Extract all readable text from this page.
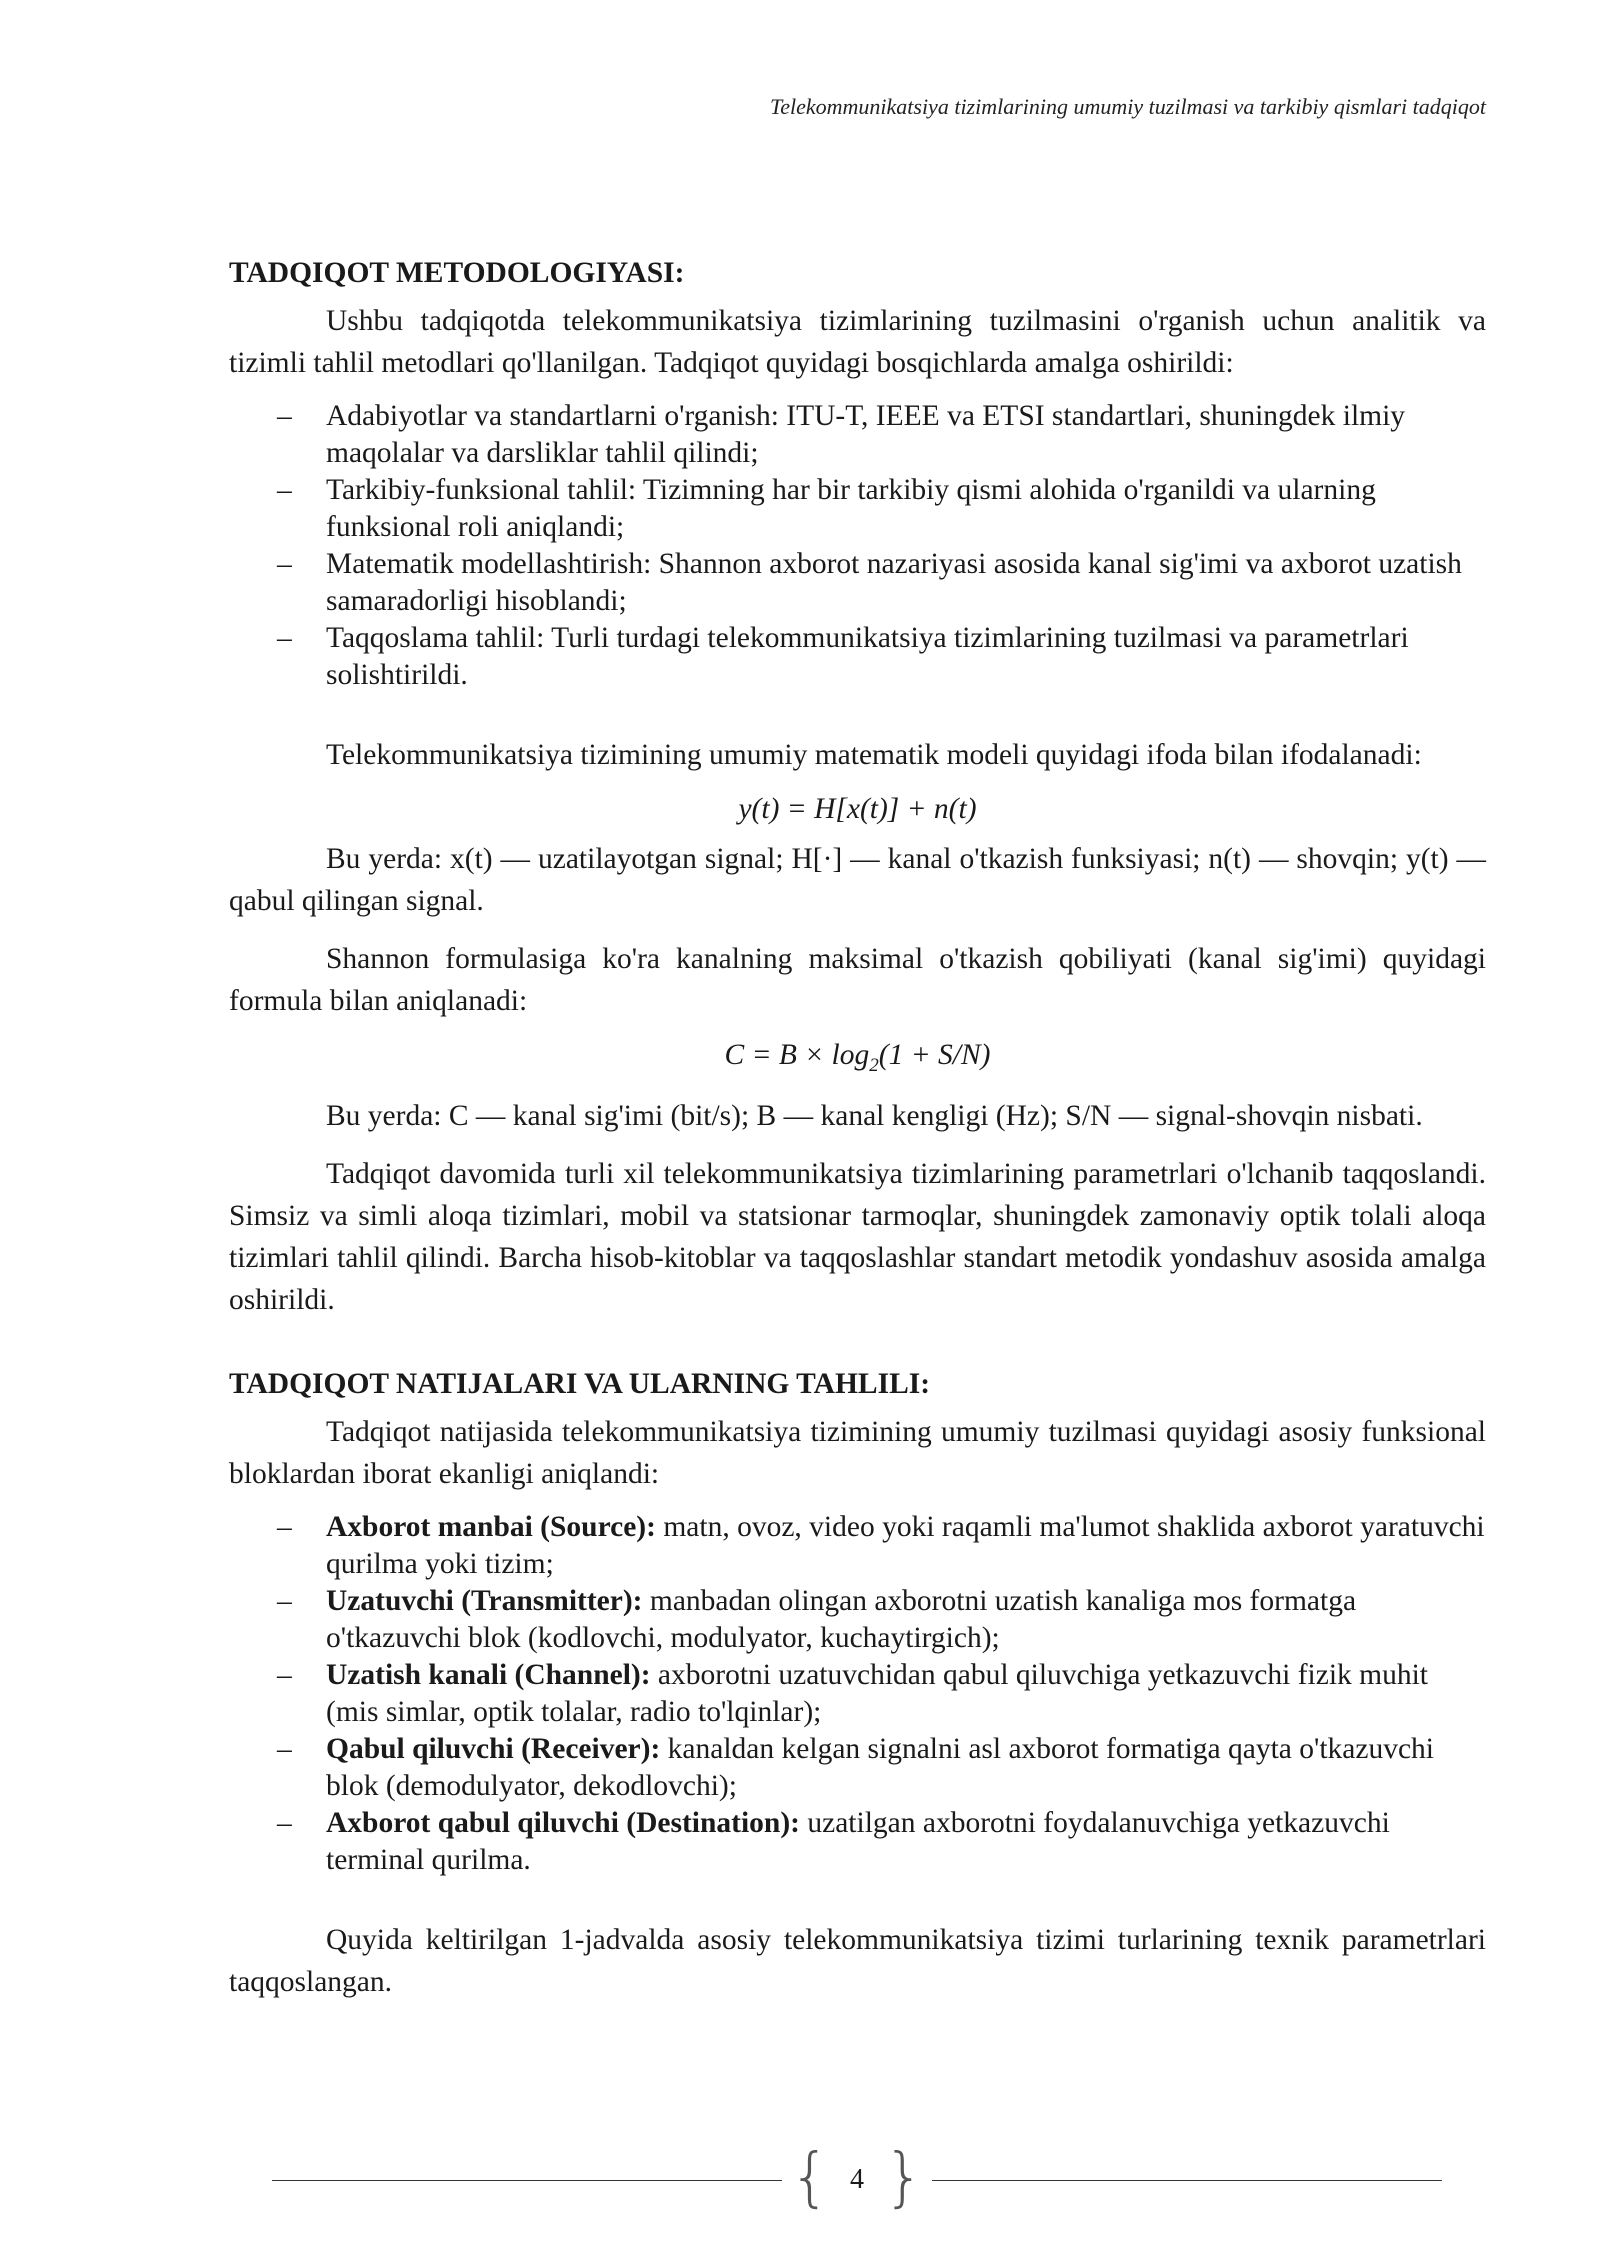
Telekommunikatsiya tizimlarining umumiy tuzilmasi va tarkibiy qismlari tadqiqot
TADQIQOT METODOLOGIYASI:

Ushbu tadqiqotda telekommunikatsiya tizimlarining tuzilmasini o'rganish uchun analitik va tizimli tahlil metodlari qo'llanilgan. Tadqiqot quyidagi bosqichlarda amalga oshirildi:

– Adabiyotlar va standartlarni o'rganish: ITU-T, IEEE va ETSI standartlari, shuningdek ilmiy maqolalar va darsliklar tahlil qilindi;
– Tarkibiy-funksional tahlil: Tizimning har bir tarkibiy qismi alohida o'rganildi va ularning funksional roli aniqlandi;
– Matematik modellashtirish: Shannon axborot nazariyasi asosida kanal sig'imi va axborot uzatish samaradorligi hisoblandi;
– Taqqoslama tahlil: Turli turdagi telekommunikatsiya tizimlarining tuzilmasi va parametrlari solishtirildi.

Telekommunikatsiya tizimining umumiy matematik modeli quyidagi ifoda bilan ifodalanadi:

y(t) = H[x(t)] + n(t)

Bu yerda: x(t) — uzatilayotgan signal; H[·] — kanal o'tkazish funksiyasi; n(t) — shovqin; y(t) — qabul qilingan signal.

Shannon formulasiga ko'ra kanalning maksimal o'tkazish qobiliyati (kanal sig'imi) quyidagi formula bilan aniqlanadi:

$C = B \times \log_2(1 + S/N)$

Bu yerda: C — kanal sig'imi (bit/s); B — kanal kengligi (Hz); S/N — signal-shovqin nisbati.

Tadqiqot davomida turli xil telekommunikatsiya tizimlarining parametrlari o'lchanib taqqoslandi. Simsiz va simli aloqa tizimlari, mobil va statsionar tarmoqlar, shuningdek zamonaviy optik tolali aloqa tizimlari tahlil qilindi. Barcha hisob-kitoblar va taqqoslashlar standart metodik yondashuv asosida amalga oshirildi.

TADQIQOT NATIJALARI VA ULARNING TAHLILI:

Tadqiqot natijasida telekommunikatsiya tizimining umumiy tuzilmasi quyidagi asosiy funksional bloklardan iborat ekanligi aniqlandi:

– Axborot manbai (Source): matn, ovoz, video yoki raqamli ma'lumot shaklida axborot yaratuvchi qurilma yoki tizim;
– Uzatuvchi (Transmitter): manbadan olingan axborotni uzatish kanaliga mos formatga o'tkazuvchi blok (kodlovchi, modulyator, kuchaytirgich);
– Uzatish kanali (Channel): axborotni uzatuvchidan qabul qiluvchiga yetkazuvchi fizik muhit (mis simlar, optik tolalar, radio to'lqinlar);
– Qabul qiluvchi (Receiver): kanaldan kelgan signalni asl axborot formatiga qayta o'tkazuvchi blok (demodulyator, dekodlovchi);
– Axborot qabul qiluvchi (Destination): uzatilgan axborotni foydalanuvchiga yetkazuvchi terminal qurilma.

Quyida keltirilgan 1-jadvalda asosiy telekommunikatsiya tizimi turlarining texnik parametrlari taqqoslangan.

{ 4 }
